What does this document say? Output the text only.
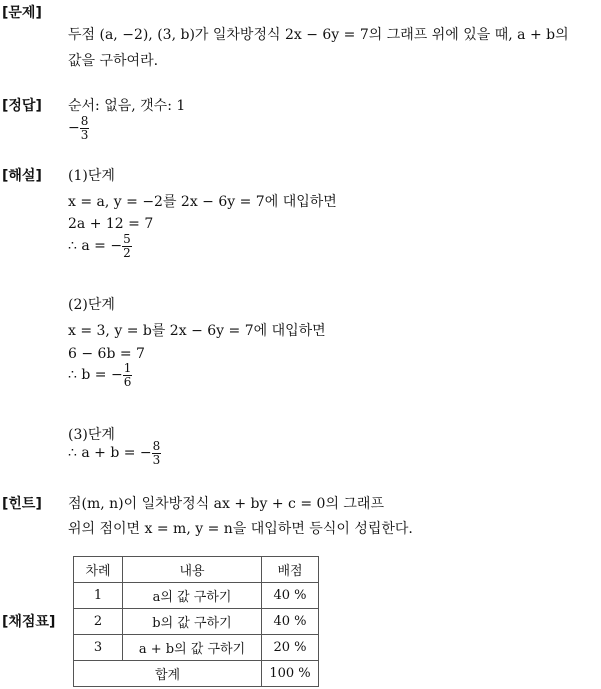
[문제]
두점 (a, −2), (3, b)가 일차방정식 2x − 6y = 7의 그래프 위에 있을 때, a + b의
값을 구하여라.
[정답] 순서: 없음, 갯수: 1
− $\frac{8}{3}$
[해설] (1)단계
x = a, y = −2를 2x − 6y = 7에 대입하면
2a + 12 = 7
∴ a = − $\frac{5}{2}$
(2)단계
x = 3, y = b를 2x − 6y = 7에 대입하면
6 − 6b = 7
∴ b = − $\frac{1}{6}$
(3)단계
∴ a + b = − $\frac{8}{3}$
[힌트] 점(m, n)이 일차방정식 ax + by + c = 0의 그래프
위의 점이면 x = m, y = n을 대입하면 등식이 성립한다.
[채점표]
차례	내용	배점
1	a의 값 구하기	40 %
2	b의 값 구하기	40 %
3	a + b의 값 구하기	20 %
합계		100 %
